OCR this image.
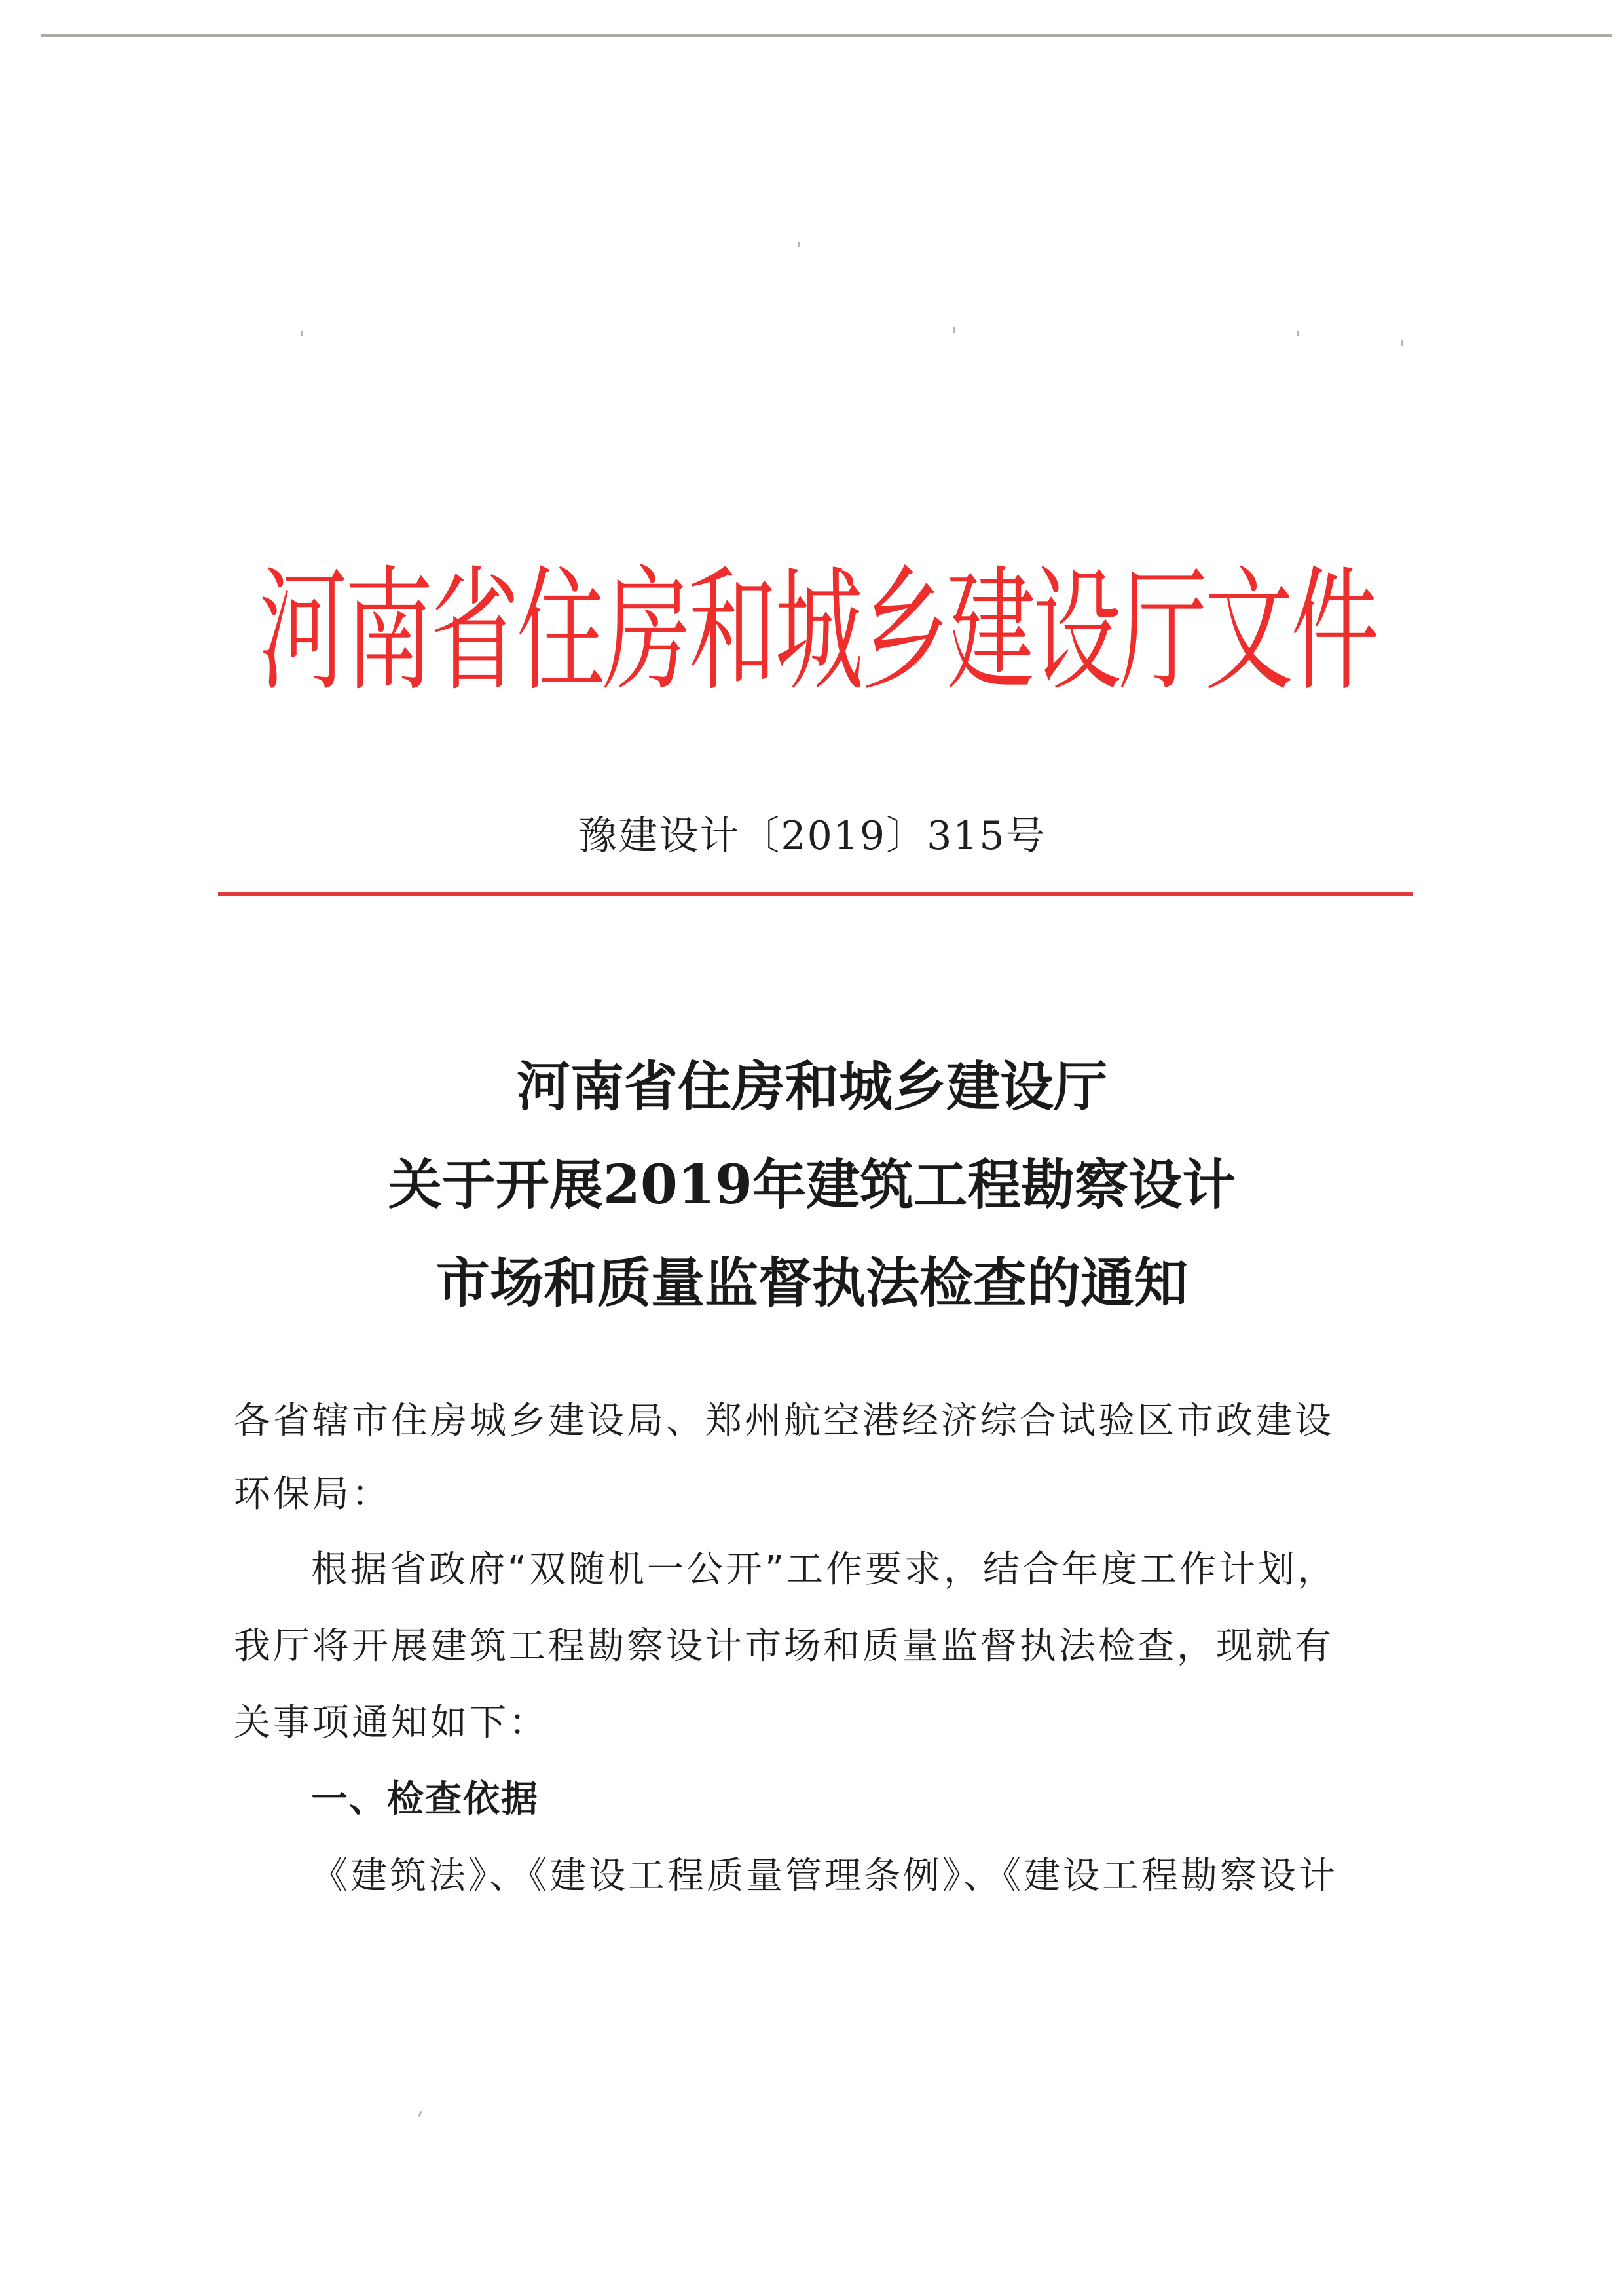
河南省住房和城乡建设厅文件
豫建设计〔2019〕315号
河南省住房和城乡建设厅
关于开展2019年建筑工程勘察设计
市场和质量监督执法检查的通知
各省辖市住房城乡建设局、郑州航空港经济综合试验区市政建设
环保局：
根据省政府“双随机一公开”工作要求，结合年度工作计划，
我厅将开展建筑工程勘察设计市场和质量监督执法检查，现就有
关事项通知如下：
一、检查依据
《建筑法》、《建设工程质量管理条例》、《建设工程勘察设计
